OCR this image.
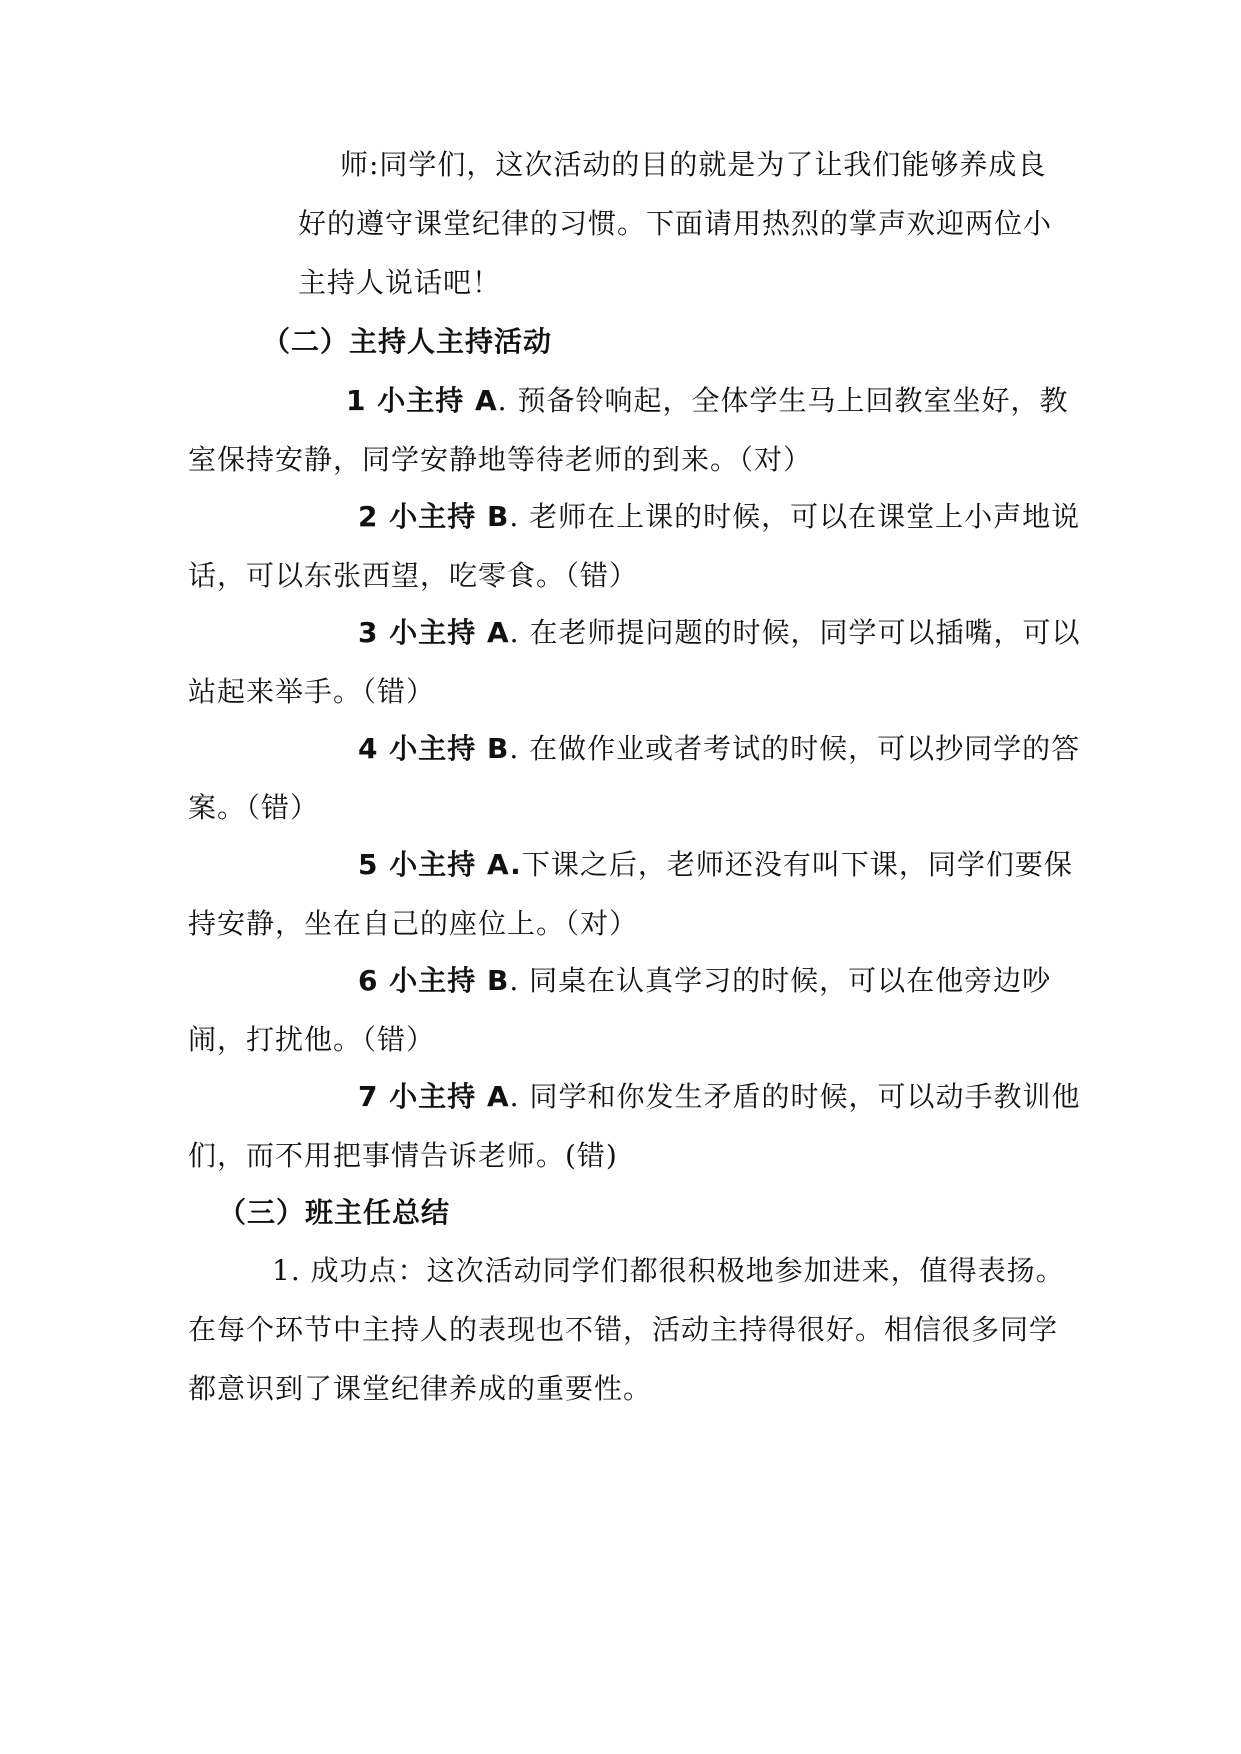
师:同学们，这次活动的目的就是为了让我们能够养成良
好的遵守课堂纪律的习惯。下面请用热烈的掌声欢迎两位小
主持人说话吧！
（二）主持人主持活动
1 小主持 A. 预备铃响起，全体学生马上回教室坐好，教
室保持安静，同学安静地等待老师的到来。（对）
2 小主持 B. 老师在上课的时候，可以在课堂上小声地说
话，可以东张西望，吃零食。（错）
3 小主持 A. 在老师提问题的时候，同学可以插嘴，可以
站起来举手。（错）
4 小主持 B. 在做作业或者考试的时候，可以抄同学的答
案。（错）
5 小主持 A.下课之后，老师还没有叫下课，同学们要保
持安静，坐在自己的座位上。（对）
6 小主持 B. 同桌在认真学习的时候，可以在他旁边吵
闹，打扰他。（错）
7 小主持 A. 同学和你发生矛盾的时候，可以动手教训他
们，而不用把事情告诉老师。(错)
（三）班主任总结
1. 成功点：这次活动同学们都很积极地参加进来，值得表扬。
在每个环节中主持人的表现也不错，活动主持得很好。相信很多同学
都意识到了课堂纪律养成的重要性。
